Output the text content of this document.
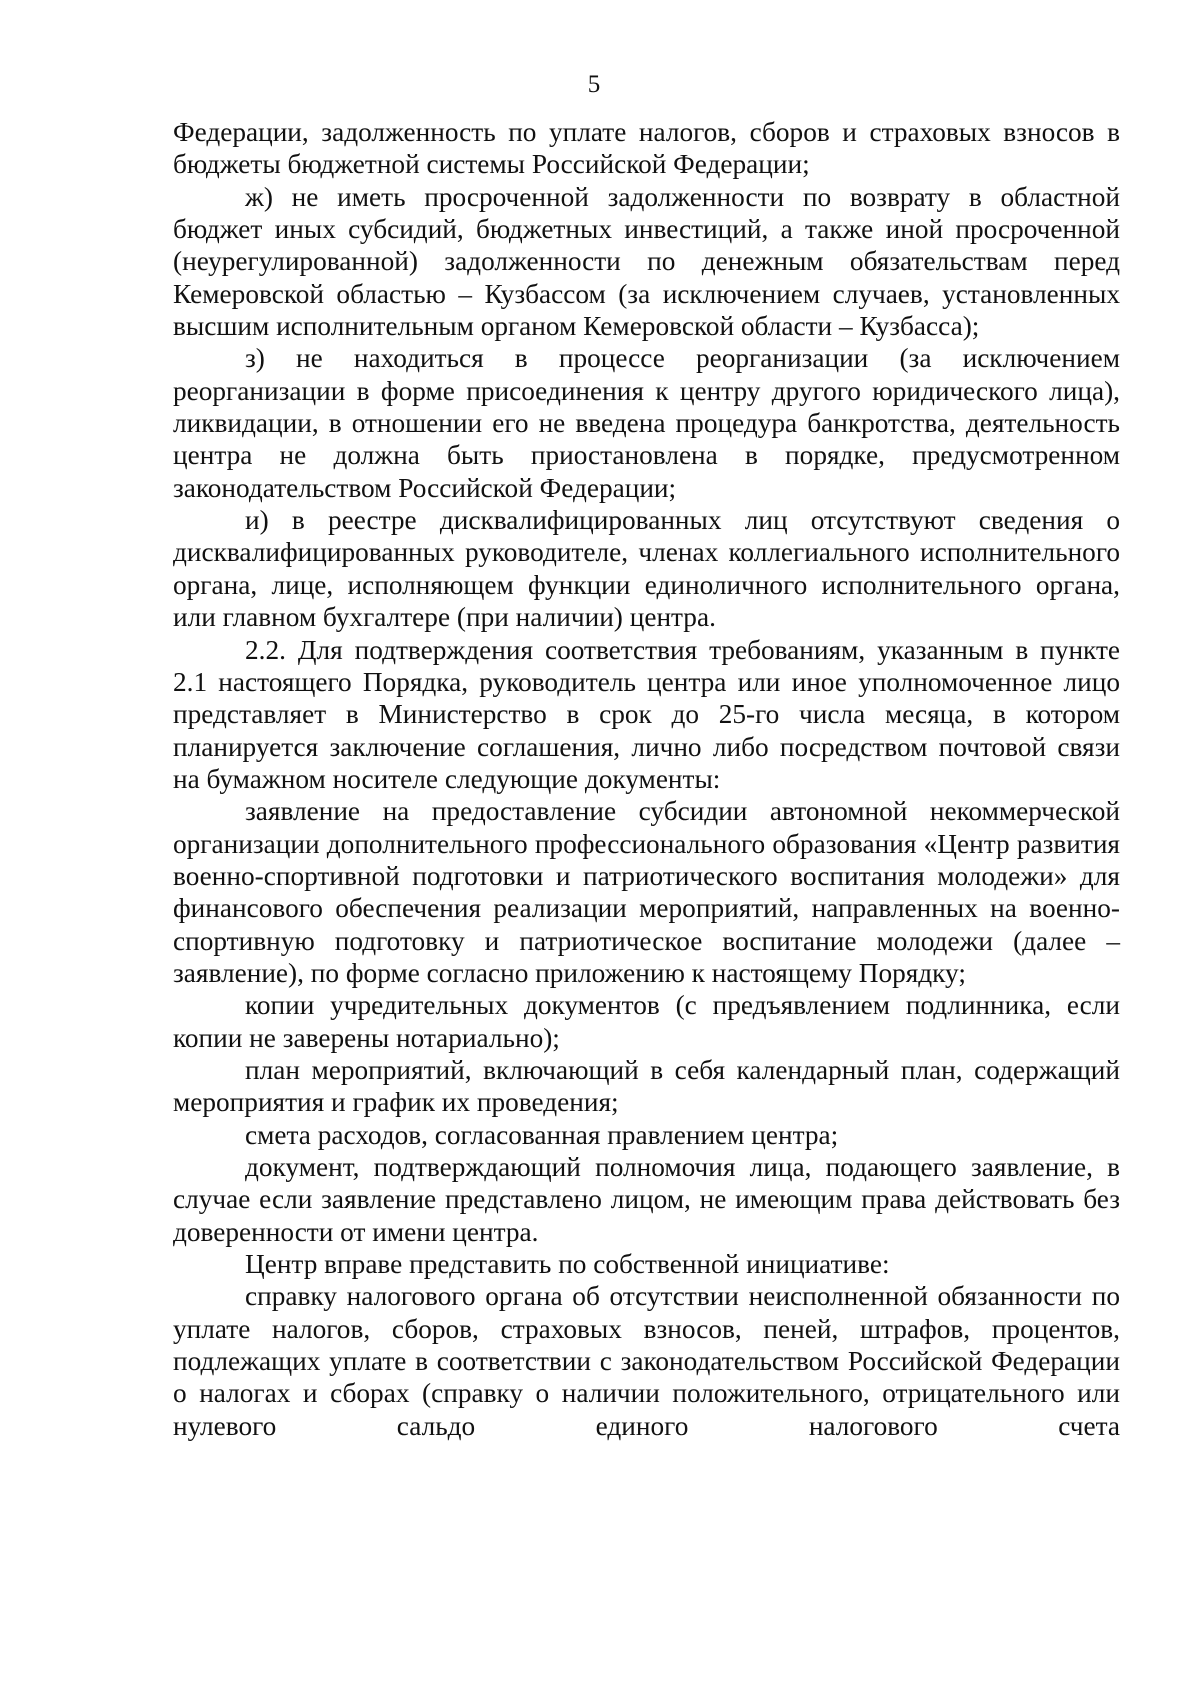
5

Федерации, задолженность по уплате налогов, сборов и страховых взносов в бюджеты бюджетной системы Российской Федерации;

ж) не иметь просроченной задолженности по возврату в областной бюджет иных субсидий, бюджетных инвестиций, а также иной просроченной (неурегулированной) задолженности по денежным обязательствам перед Кемеровской областью – Кузбассом (за исключением случаев, установленных высшим исполнительным органом Кемеровской области – Кузбасса);

з) не находиться в процессе реорганизации (за исключением реорганизации в форме присоединения к центру другого юридического лица), ликвидации, в отношении его не введена процедура банкротства, деятельность центра не должна быть приостановлена в порядке, предусмотренном законодательством Российской Федерации;

и) в реестре дисквалифицированных лиц отсутствуют сведения о дисквалифицированных руководителе, членах коллегиального исполнительного органа, лице, исполняющем функции единоличного исполнительного органа, или главном бухгалтере (при наличии) центра.

2.2. Для подтверждения соответствия требованиям, указанным в пункте 2.1 настоящего Порядка, руководитель центра или иное уполномоченное лицо представляет в Министерство в срок до 25-го числа месяца, в котором планируется заключение соглашения, лично либо посредством почтовой связи на бумажном носителе следующие документы:

заявление на предоставление субсидии автономной некоммерческой организации дополнительного профессионального образования «Центр развития военно-спортивной подготовки и патриотического воспитания молодежи» для финансового обеспечения реализации мероприятий, направленных на военно-спортивную подготовку и патриотическое воспитание молодежи (далее – заявление), по форме согласно приложению к настоящему Порядку;

копии учредительных документов (с предъявлением подлинника, если копии не заверены нотариально);

план мероприятий, включающий в себя календарный план, содержащий мероприятия и график их проведения;

смета расходов, согласованная правлением центра;

документ, подтверждающий полномочия лица, подающего заявление, в случае если заявление представлено лицом, не имеющим права действовать без доверенности от имени центра.

Центр вправе представить по собственной инициативе:

справку налогового органа об отсутствии неисполненной обязанности по уплате налогов, сборов, страховых взносов, пеней, штрафов, процентов, подлежащих уплате в соответствии с законодательством Российской Федерации о налогах и сборах (справку о наличии положительного, отрицательного или нулевого сальдо единого налогового счета
